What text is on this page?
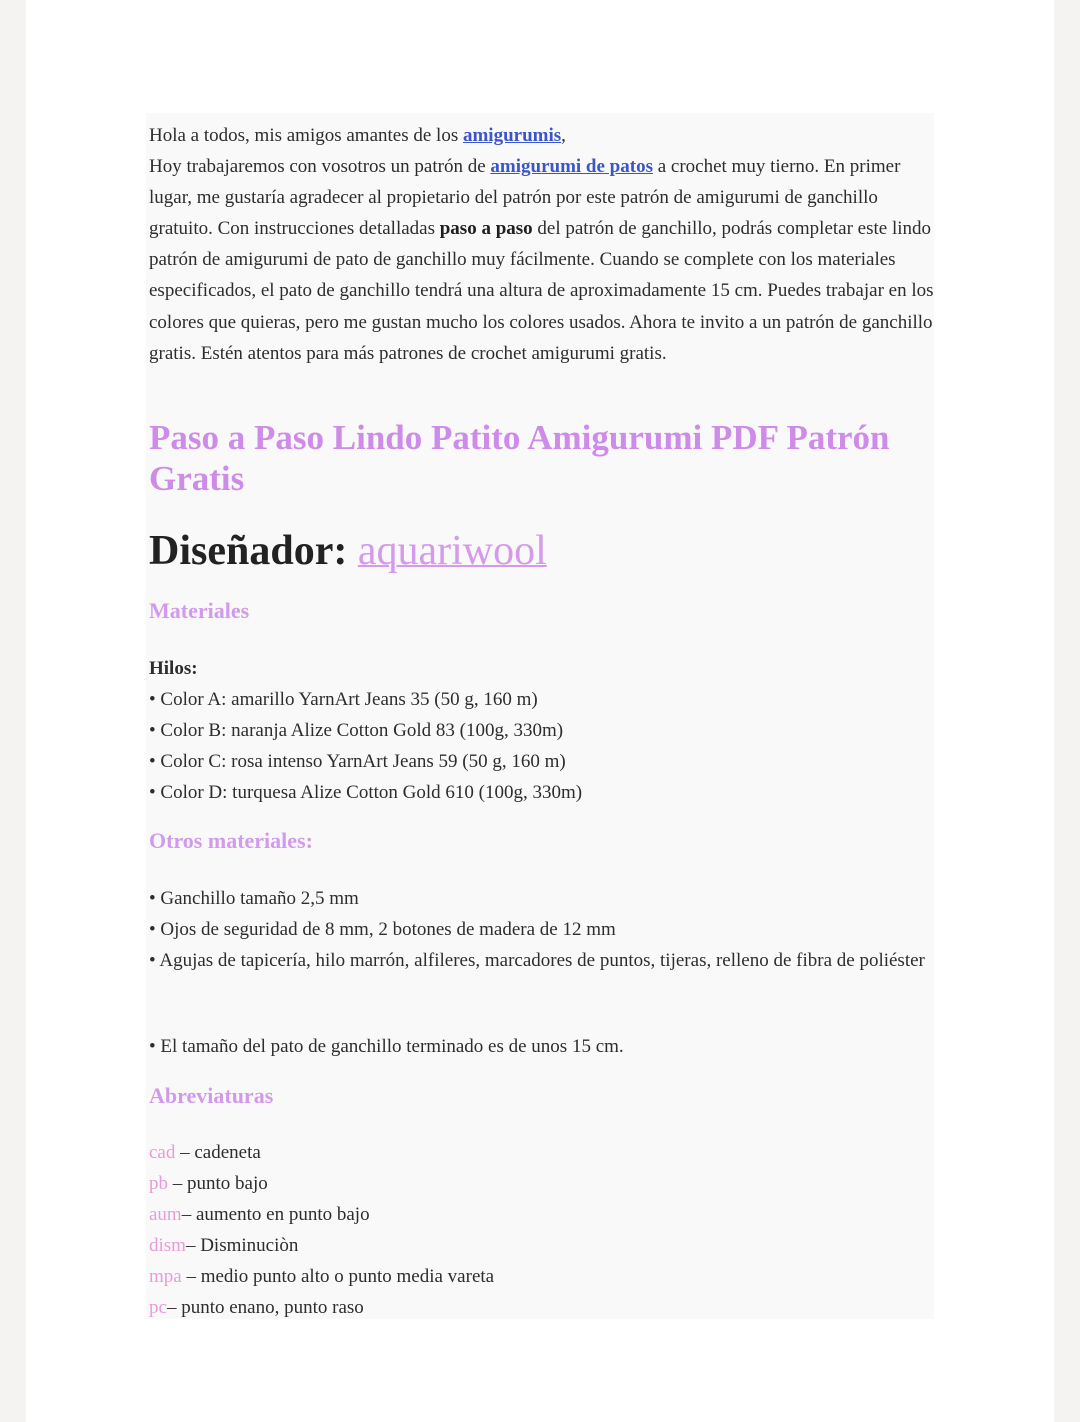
Hola a todos, mis amigos amantes de los amigurumis,
Hoy trabajaremos con vosotros un patrón de amigurumi de patos a crochet muy tierno. En primer lugar, me gustaría agradecer al propietario del patrón por este patrón de amigurumi de ganchillo gratuito. Con instrucciones detalladas paso a paso del patrón de ganchillo, podrás completar este lindo patrón de amigurumi de pato de ganchillo muy fácilmente. Cuando se complete con los materiales especificados, el pato de ganchillo tendrá una altura de aproximadamente 15 cm. Puedes trabajar en los colores que quieras, pero me gustan mucho los colores usados. Ahora te invito a un patrón de ganchillo gratis. Estén atentos para más patrones de crochet amigurumi gratis.
Paso a Paso Lindo Patito Amigurumi PDF Patrón Gratis
Diseñador: aquariwool
Materiales
Hilos:
• Color A: amarillo YarnArt Jeans 35 (50 g, 160 m)
• Color B: naranja Alize Cotton Gold 83 (100g, 330m)
• Color C: rosa intenso YarnArt Jeans 59 (50 g, 160 m)
• Color D: turquesa Alize Cotton Gold 610 (100g, 330m)
Otros materiales:
• Ganchillo tamaño 2,5 mm
• Ojos de seguridad de 8 mm, 2 botones de madera de 12 mm
• Agujas de tapicería, hilo marrón, alfileres, marcadores de puntos, tijeras, relleno de fibra de poliéster
• El tamaño del pato de ganchillo terminado es de unos 15 cm.
Abreviaturas
cad – cadeneta
pb – punto bajo
aum– aumento en punto bajo
dism– Disminuciòn
mpa – medio punto alto o punto media vareta
pc– punto enano, punto raso
